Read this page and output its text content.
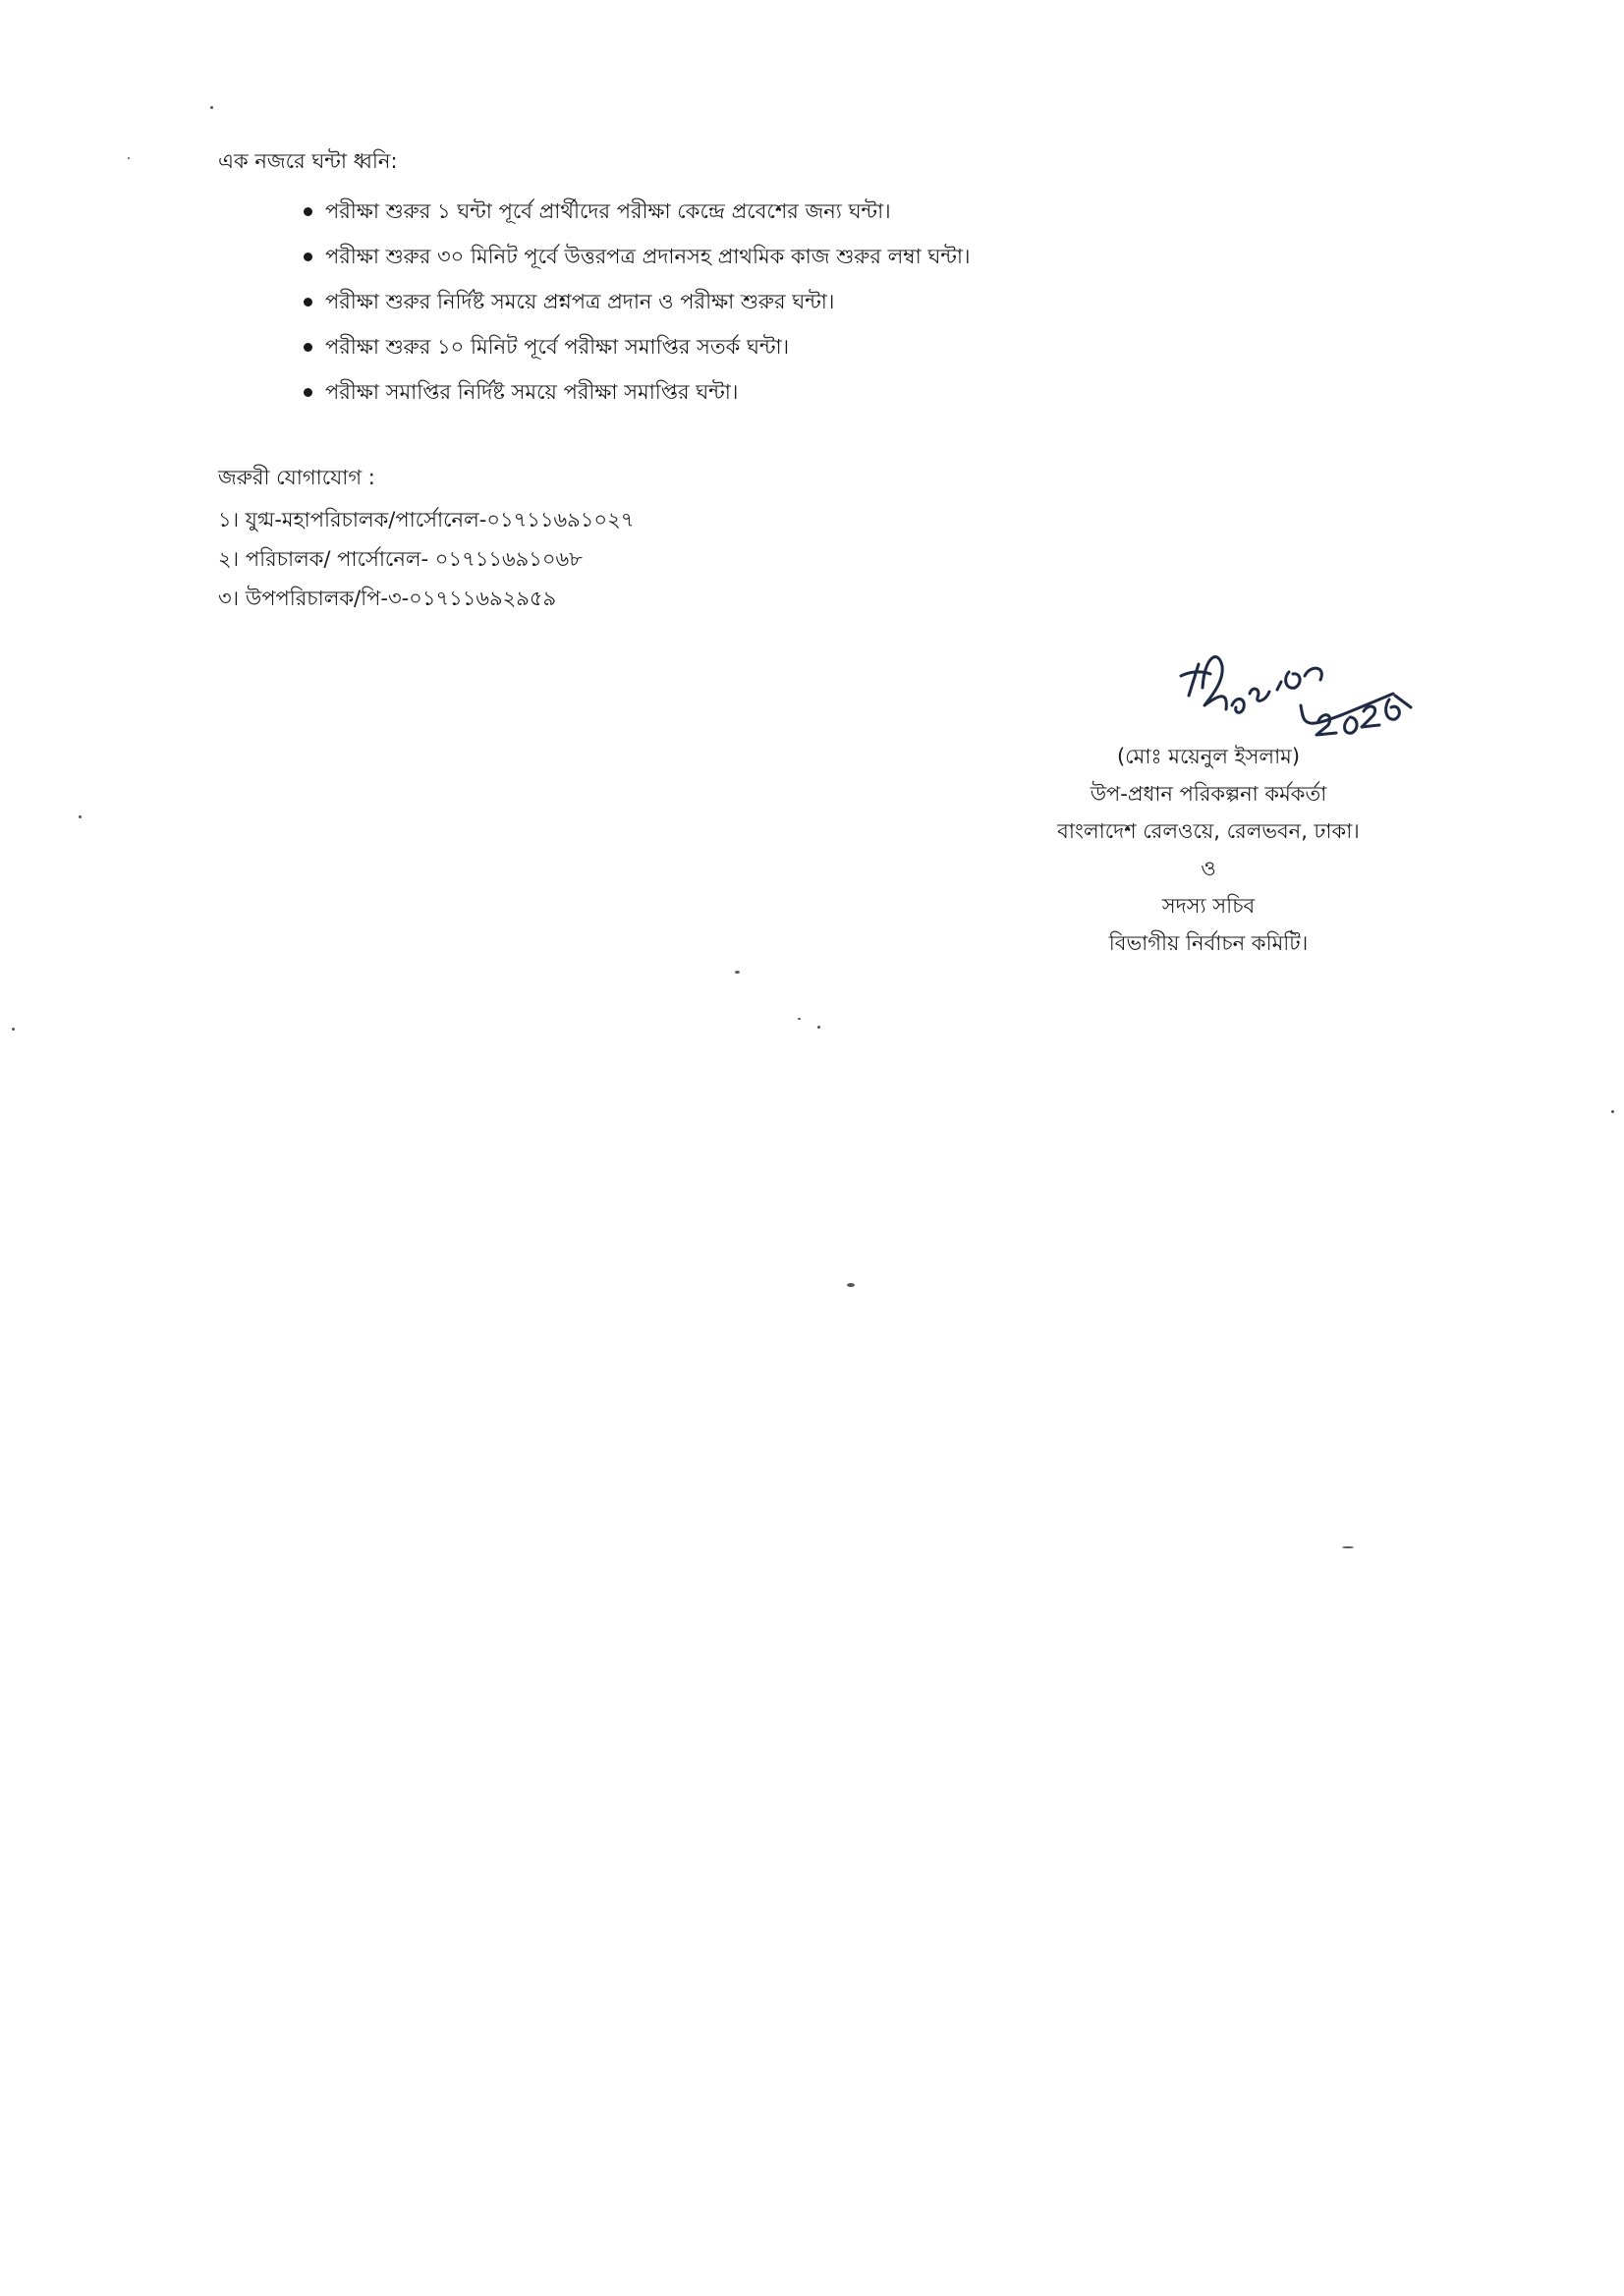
এক নজরে ঘন্টা ধ্বনি:
পরীক্ষা শুরুর ১ ঘন্টা পূর্বে প্রার্থীদের পরীক্ষা কেন্দ্রে প্রবেশের জন্য ঘন্টা।
পরীক্ষা শুরুর ৩০ মিনিট পূর্বে উত্তরপত্র প্রদানসহ প্রাথমিক কাজ শুরুর লম্বা ঘন্টা।
পরীক্ষা শুরুর নির্দিষ্ট সময়ে প্রশ্নপত্র প্রদান ও পরীক্ষা শুরুর ঘন্টা।
পরীক্ষা শুরুর ১০ মিনিট পূর্বে পরীক্ষা সমাপ্তির সতর্ক ঘন্টা।
পরীক্ষা সমাপ্তির নির্দিষ্ট সময়ে পরীক্ষা সমাপ্তির ঘন্টা।
জরুরী যোগাযোগ :
১। যুগ্ম-মহাপরিচালক/পার্সোনেল-০১৭১১৬৯১০২৭
২। পরিচালক/ পার্সোনেল- ০১৭১১৬৯১০৬৮
৩। উপপরিচালক/পি-৩-০১৭১১৬৯২৯৫৯
(মোঃ ময়েনুল ইসলাম)
উপ-প্রধান পরিকল্পনা কর্মকর্তা
বাংলাদেশ রেলওয়ে, রেলভবন, ঢাকা।
ও
সদস্য সচিব
বিভাগীয় নির্বাচন কমিটি।
